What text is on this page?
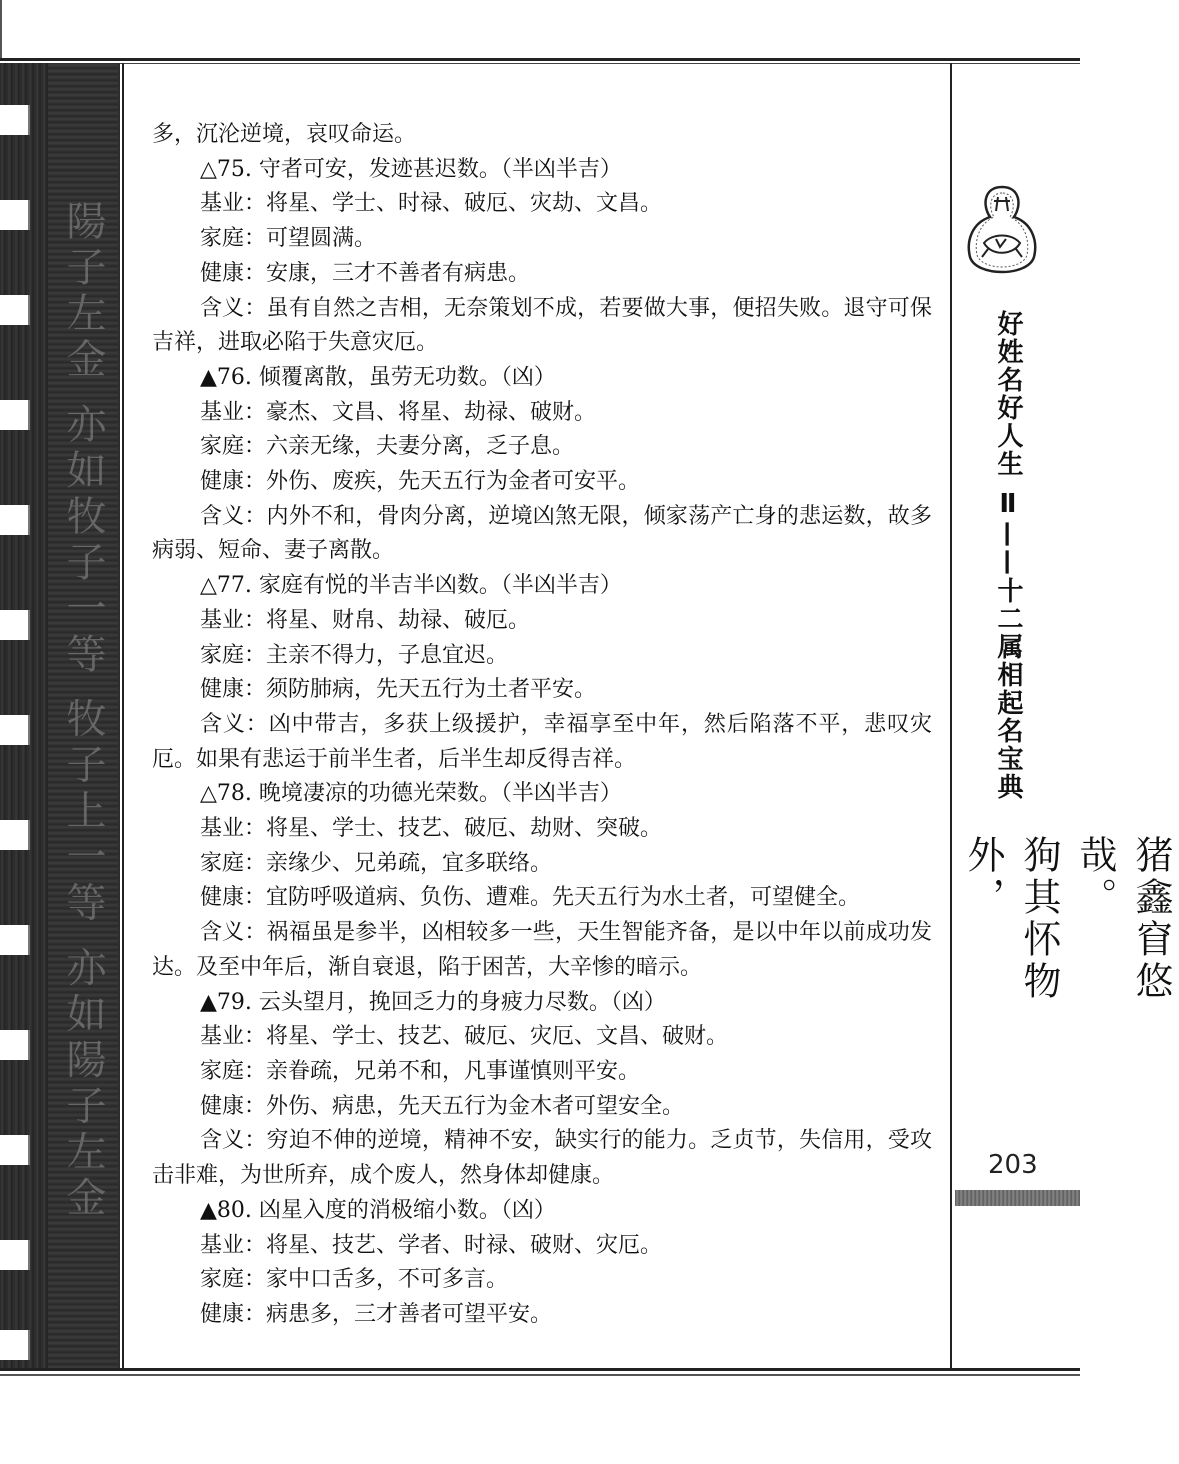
陽子左金 亦如牧子一等 牧子上一等 亦如陽子左金

多，沉沦逆境，哀叹命运。

△75. 守者可安，发迹甚迟数。（半凶半吉）

基业：将星、学士、时禄、破厄、灾劫、文昌。

家庭：可望圆满。

健康：安康，三才不善者有病患。

含义：虽有自然之吉相，无奈策划不成，若要做大事，便招失败。退守可保吉祥，进取必陷于失意灾厄。

▲76. 倾覆离散，虽劳无功数。（凶）

基业：豪杰、文昌、将星、劫禄、破财。

家庭：六亲无缘，夫妻分离，乏子息。

健康：外伤、废疾，先天五行为金者可安平。

含义：内外不和，骨肉分离，逆境凶煞无限，倾家荡产亡身的悲运数，故多病弱、短命、妻子离散。

△77. 家庭有悦的半吉半凶数。（半凶半吉）

基业：将星、财帛、劫禄、破厄。

家庭：主亲不得力，子息宜迟。

健康：须防肺病，先天五行为土者平安。

含义：凶中带吉，多获上级援护，幸福享至中年，然后陷落不平，悲叹灾厄。如果有悲运于前半生者，后半生却反得吉祥。

△78. 晚境凄凉的功德光荣数。（半凶半吉）

基业：将星、学士、技艺、破厄、劫财、突破。

家庭：亲缘少、兄弟疏，宜多联络。

健康：宜防呼吸道病、负伤、遭难。先天五行为水土者，可望健全。

含义：祸福虽是参半，凶相较多一些，天生智能齐备，是以中年以前成功发达。及至中年后，渐自衰退，陷于困苦，大辛惨的暗示。

▲79. 云头望月，挽回乏力的身疲力尽数。（凶）

基业：将星、学士、技艺、破厄、灾厄、文昌、破财。

家庭：亲眷疏，兄弟不和，凡事谨慎则平安。

健康：外伤、病患，先天五行为金木者可望安全。

含义：穷迫不伸的逆境，精神不安，缺实行的能力。乏贞节，失信用，受攻击非难，为世所弃，成个废人，然身体却健康。

▲80. 凶星入度的消极缩小数。（凶）

基业：将星、技艺、学者、时禄、破财、灾厄。

家庭：家中口舌多，不可多言。

健康：病患多，三才善者可望平安。

好姓名好人生 Ⅱ——十二属相起名宝典
猪鑫窅悠哉。
狗其怀物外，
203
